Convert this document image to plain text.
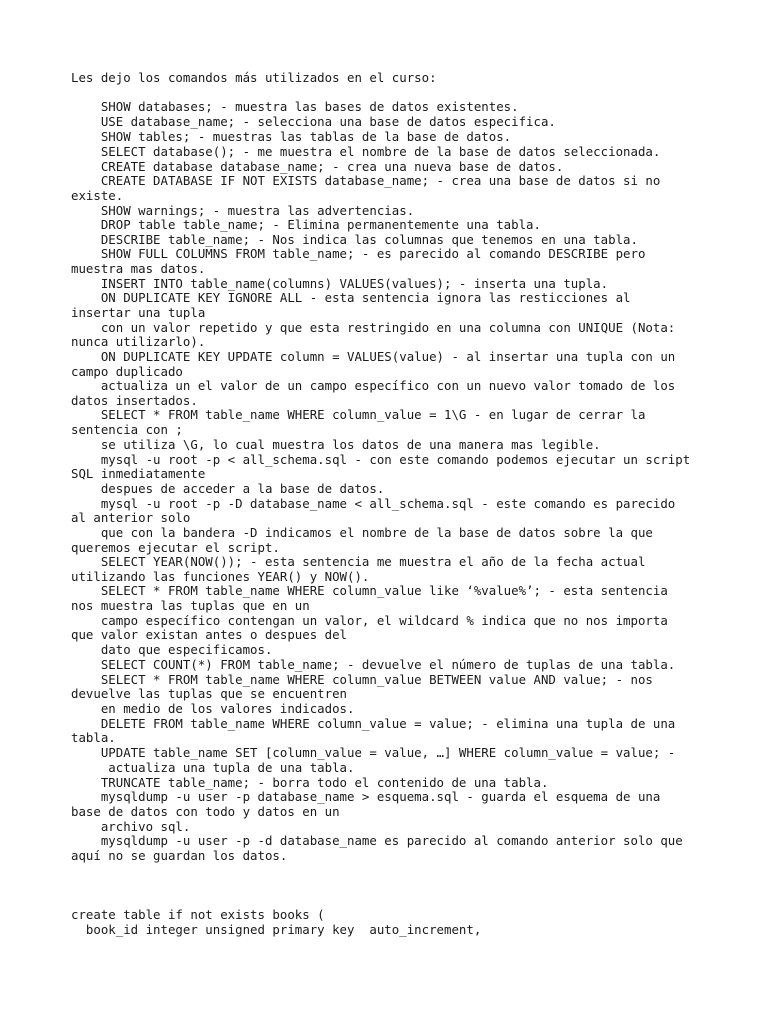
Les dejo los comandos más utilizados en el curso:
SHOW databases; - muestra las bases de datos existentes.
USE database_name; - selecciona una base de datos especifica.
SHOW tables; - muestras las tablas de la base de datos.
SELECT database(); - me muestra el nombre de la base de datos seleccionada.
CREATE database database_name; - crea una nueva base de datos.
CREATE DATABASE IF NOT EXISTS database_name; - crea una base de datos si no
existe.
SHOW warnings; - muestra las advertencias.
DROP table table_name; - Elimina permanentemente una tabla.
DESCRIBE table_name; - Nos indica las columnas que tenemos en una tabla.
SHOW FULL COLUMNS FROM table_name; - es parecido al comando DESCRIBE pero
muestra mas datos.
INSERT INTO table_name(columns) VALUES(values); - inserta una tupla.
ON DUPLICATE KEY IGNORE ALL - esta sentencia ignora las resticciones al
insertar una tupla
con un valor repetido y que esta restringido en una columna con UNIQUE (Nota:
nunca utilizarlo).
ON DUPLICATE KEY UPDATE column = VALUES(value) - al insertar una tupla con un
campo duplicado
actualiza un el valor de un campo específico con un nuevo valor tomado de los
datos insertados.
SELECT * FROM table_name WHERE column_value = 1\G - en lugar de cerrar la
sentencia con ;
se utiliza \G, lo cual muestra los datos de una manera mas legible.
mysql -u root -p < all_schema.sql - con este comando podemos ejecutar un script
SQL inmediatamente
despues de acceder a la base de datos.
mysql -u root -p -D database_name < all_schema.sql - este comando es parecido
al anterior solo
que con la bandera -D indicamos el nombre de la base de datos sobre la que
queremos ejecutar el script.
SELECT YEAR(NOW()); - esta sentencia me muestra el año de la fecha actual
utilizando las funciones YEAR() y NOW().
SELECT * FROM table_name WHERE column_value like ‘%value%’; - esta sentencia
nos muestra las tuplas que en un
campo específico contengan un valor, el wildcard % indica que no nos importa
que valor existan antes o despues del
dato que especificamos.
SELECT COUNT(*) FROM table_name; - devuelve el número de tuplas de una tabla.
SELECT * FROM table_name WHERE column_value BETWEEN value AND value; - nos
devuelve las tuplas que se encuentren
en medio de los valores indicados.
DELETE FROM table_name WHERE column_value = value; - elimina una tupla de una
tabla.
UPDATE table_name SET [column_value = value, …] WHERE column_value = value; -
actualiza una tupla de una tabla.
TRUNCATE table_name; - borra todo el contenido de una tabla.
mysqldump -u user -p database_name > esquema.sql - guarda el esquema de una
base de datos con todo y datos en un
archivo sql.
mysqldump -u user -p -d database_name es parecido al comando anterior solo que
aquí no se guardan los datos.
create table if not exists books (
book_id integer unsigned primary key  auto_increment,
